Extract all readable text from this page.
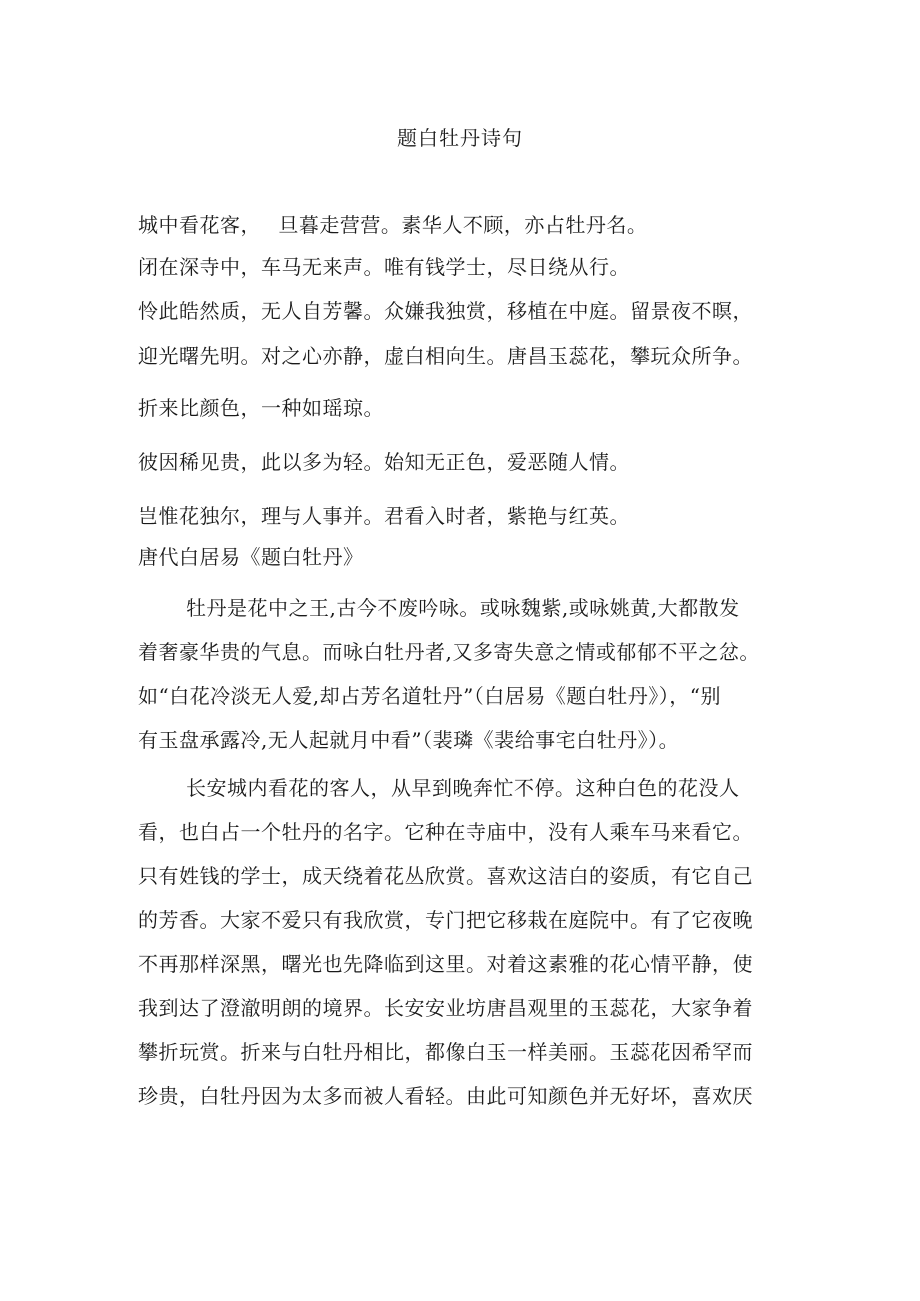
题白牡丹诗句
城中看花客，　 旦暮走营营。素华人不顾，亦占牡丹名。
闭在深寺中，车马无来声。唯有钱学士，尽日绕从行。
怜此皓然质，无人自芳馨。众嫌我独赏，移植在中庭。留景夜不暝，
迎光曙先明。对之心亦静，虚白相向生。唐昌玉蕊花，攀玩众所争。
折来比颜色，一种如瑶琼。
彼因稀见贵，此以多为轻。始知无正色，爱恶随人情。
岂惟花独尔，理与人事并。君看入时者，紫艳与红英。
唐代白居易《题白牡丹》

牡丹是花中之王,古今不废吟咏。或咏魏紫,或咏姚黄,大都散发

着奢豪华贵的气息。而咏白牡丹者,又多寄失意之情或郁郁不平之忿。

如“白花冷淡无人爱,却占芳名道牡丹”（白居易《题白牡丹》），“别

有玉盘承露冷,无人起就月中看”（裴璘《裴给事宅白牡丹》）。

长安城内看花的客人，从早到晚奔忙不停。这种白色的花没人

看，也白占一个牡丹的名字。它种在寺庙中，没有人乘车马来看它。

只有姓钱的学士，成天绕着花丛欣赏。喜欢这洁白的姿质，有它自己

的芳香。大家不爱只有我欣赏，专门把它移栽在庭院中。有了它夜晚

不再那样深黑，曙光也先降临到这里。对着这素雅的花心情平静，使

我到达了澄澈明朗的境界。长安安业坊唐昌观里的玉蕊花，大家争着

攀折玩赏。折来与白牡丹相比，都像白玉一样美丽。玉蕊花因希罕而

珍贵，白牡丹因为太多而被人看轻。由此可知颜色并无好坏，喜欢厌
